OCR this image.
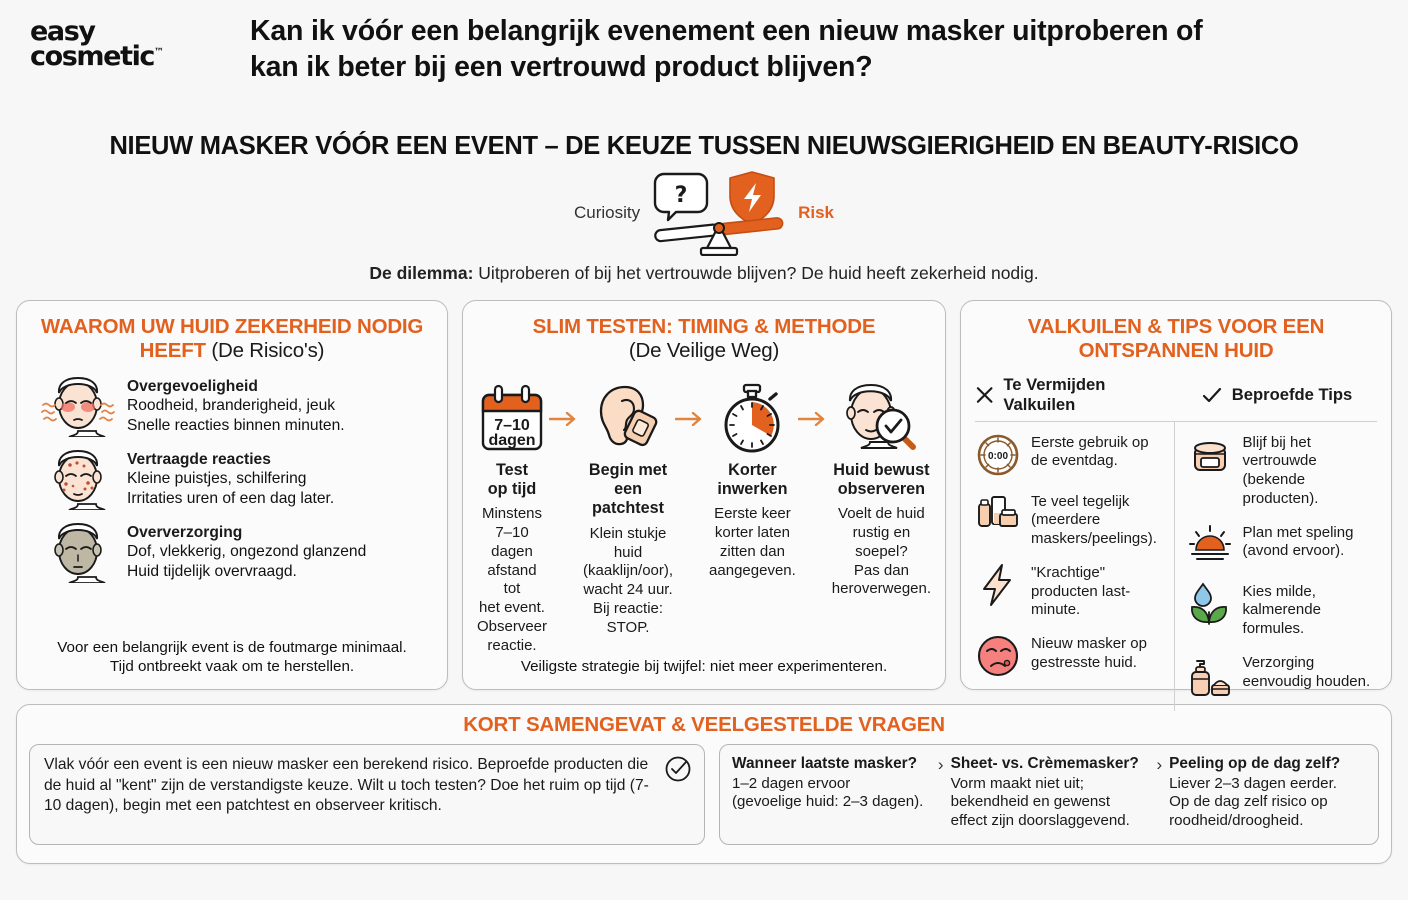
easy
cosmetic™
Kan ik vóór een belangrijk evenement een nieuw masker uitproberen of kan ik beter bij een vertrouwd product blijven?
NIEUW MASKER VÓÓR EEN EVENT – DE KEUZE TUSSEN NIEUWSGIERIGHEID EN BEAUTY-RISICO
Curiosity
?
Risk
De dilemma: Uitproberen of bij het vertrouwde blijven? De huid heeft zekerheid nodig.
WAAROM UW HUID ZEKERHEID NODIG HEEFT (De Risico's)
Overgevoeligheid
Roodheid, branderigheid, jeuk
Snelle reacties binnen minuten.
Vertraagde reacties
Kleine puistjes, schilfering
Irritaties uren of een dag later.
Oververzorging
Dof, vlekkerig, ongezond glanzend
Huid tijdelijk overvraagd.
Voor een belangrijk event is de foutmarge minimaal.
Tijd ontbreekt vaak om te herstellen.
SLIM TESTEN: TIMING & METHODE
(De Veilige Weg)
7–10
dagen
Test
op tijd
Minstens
7–10 dagen
afstand tot
het event.
Observeer
reactie.
Begin met
een patchtest
Klein stukje
huid
(kaaklijn/oor),
wacht 24 uur.
Bij reactie:
STOP.
Korter
inwerken
Eerste keer
korter laten
zitten dan
aangegeven.
Huid bewust
observeren
Voelt de huid
rustig en
soepel?
Pas dan
heroverwegen.
Veiligste strategie bij twijfel: niet meer experimenteren.
VALKUILEN & TIPS VOOR EEN ONTSPANNEN HUID
Te Vermijden Valkuilen
Beproefde Tips
0:00
Eerste gebruik op de eventdag.
Te veel tegelijk (meerdere maskers/peelings).
"Krachtige" producten last-minute.
Nieuw masker op gestresste huid.
Blijf bij het vertrouwde (bekende producten).
Plan met speling (avond ervoor).
Kies milde, kalmerende formules.
Verzorging eenvoudig houden.
KORT SAMENGEVAT & VEELGESTELDE VRAGEN
Vlak vóór een event is een nieuw masker een berekend risico. Beproefde producten die de huid al "kent" zijn de verstandigste keuze. Wilt u toch testen? Doe het ruim op tijd (7-10 dagen), begin met een patchtest en observeer kritisch.
Wanneer laatste masker?
1–2 dagen ervoor
(gevoelige huid: 2–3 dagen).
› Sheet- vs. Crèmemasker?
Vorm maakt niet uit;
bekendheid en gewenst
effect zijn doorslaggevend.
› Peeling op de dag zelf?
Liever 2–3 dagen eerder.
Op de dag zelf risico op
roodheid/droogheid.
